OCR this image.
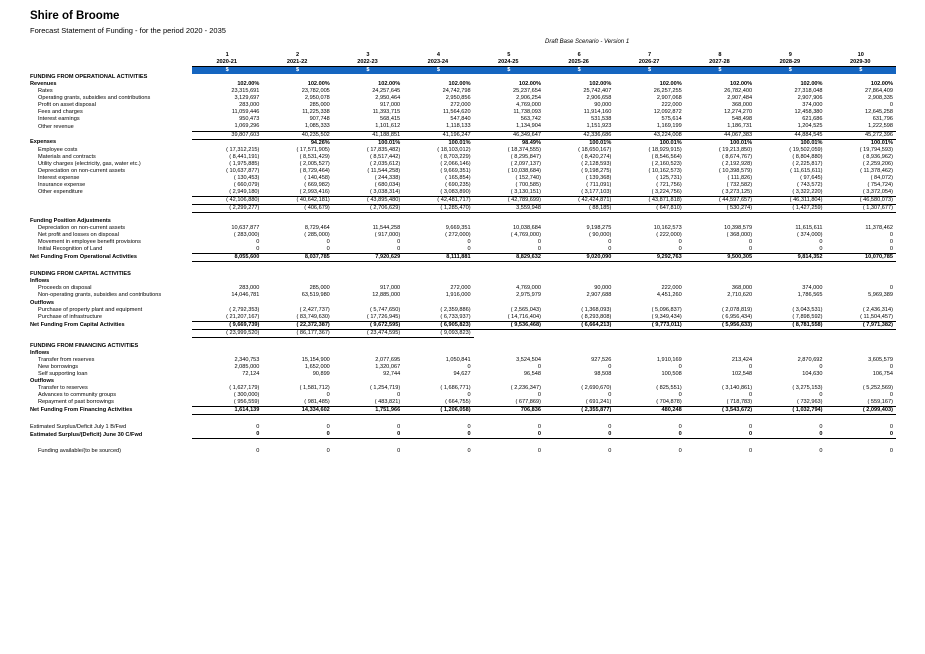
Shire of Broome
Forecast Statement of Funding - for the period 2020 - 2035
Draft Base Scenario - Version 1
	1	2	3	4	5	6	7	8	9	10
	2020-21	2021-22	2022-23	2023-24	2024-25	2025-26	2026-27	2027-28	2028-29	2029-30
	$	$	$	$	$	$	$	$	$	$
FUNDING FROM OPERATIONAL ACTIVITIES										
Revenues	102.00%	102.00%	102.00%	102.00%	102.00%	102.00%	102.00%	102.00%	102.00%	102.00%
Rates	23,315,691	23,782,005	24,257,645	24,742,798	25,237,654	25,742,407	26,257,255	26,782,400	27,318,048	27,864,409
Operating grants, subsidies and contributions	3,129,697	2,950,078	2,950,464	2,950,856	2,906,254	2,906,658	2,907,068	2,907,484	2,907,906	2,908,335
Profit on asset disposal	283,000	285,000	917,000	272,000	4,769,000	90,000	222,000	368,000	374,000	0
Fees and charges	11,059,446	11,225,338	11,393,715	11,564,620	11,738,093	11,914,160	12,092,872	12,274,270	12,458,380	12,645,258
Interest earnings	950,473	907,748	568,415	547,840	563,742	531,538	575,614	548,498	621,686	631,796
Other revenue	1,069,296	1,085,333	1,101,612	1,118,133	1,134,904	1,151,923	1,169,199	1,186,731	1,204,525	1,222,598
	39,807,603	40,235,502	41,188,851	41,196,247	46,349,647	42,336,686	43,224,008	44,067,383	44,884,545	45,272,396
Expenses		94.26%	100.01%	100.01%	98.49%	100.01%	100.01%	100.01%	100.01%	100.01%
Employee costs	( 17,312,215)	( 17,571,905)	( 17,835,482)	( 18,103,012)	( 18,374,555)	( 18,650,167)	( 18,929,915)	( 19,213,850)	( 19,502,059)	( 19,794,593)
Materials and contracts	( 8,441,191)	( 8,531,429)	( 8,517,442)	( 8,703,229)	( 8,295,847)	( 8,420,274)	( 8,546,564)	( 8,674,767)	( 8,804,880)	( 8,936,962)
Utility charges (electricity, gas, water etc.)	( 1,975,885)	( 2,005,527)	( 2,035,612)	( 2,066,146)	( 2,097,137)	( 2,128,593)	( 2,160,523)	( 2,192,928)	( 2,225,817)	( 2,259,206)
Depreciation on non-current assets	( 10,637,877)	( 8,729,464)	( 11,544,258)	( 9,669,351)	( 10,038,684)	( 9,198,275)	( 10,162,573)	( 10,398,579)	( 11,615,611)	( 11,378,462)
Interest expense	( 130,453)	( 140,458)	( 244,338)	( 165,854)	( 152,740)	( 139,368)	( 125,731)	( 111,826)	( 97,645)	( 84,072)
Insurance expense	( 660,079)	( 669,982)	( 680,034)	( 690,235)	( 700,585)	( 711,091)	( 721,756)	( 732,582)	( 743,572)	( 754,724)
Other expenditure	( 2,949,180)	( 2,993,416)	( 3,038,314)	( 3,083,890)	( 3,130,151)	( 3,177,103)	( 3,224,756)	( 3,273,125)	( 3,322,220)	( 3,372,054)
	( 42,106,880)	( 40,642,181)	( 43,895,480)	( 42,481,717)	( 42,789,699)	( 42,424,871)	( 43,871,818)	( 44,597,657)	( 46,311,804)	( 46,580,073)
	( 2,299,277)	( 406,679)	( 2,706,629)	( 1,285,470)	3,559,948	( 88,185)	( 647,810)	( 530,274)	( 1,427,259)	( 1,307,677)

Funding Position Adjustments										
Depreciation on non-current assets	10,637,877	8,729,464	11,544,258	9,669,351	10,038,684	9,198,275	10,162,573	10,398,579	11,615,611	11,378,462
Net profit and losses on disposal	( 283,000)	( 285,000)	( 917,000)	( 272,000)	( 4,769,000)	( 90,000)	( 222,000)	( 368,000)	( 374,000)	0
Movement in employee benefit provisions	0	0	0	0	0	0	0	0	0	0
Initial Recognition of Land	0	0	0	0	0	0	0	0	0	0
Net Funding From Operational Activities	8,055,600	8,037,785	7,920,629	8,111,881	8,829,632	9,020,090	9,292,763	9,500,305	9,814,352	10,070,785

FUNDING FROM CAPITAL ACTIVITIES										
Inflows										
Proceeds on disposal	283,000	285,000	917,000	272,000	4,769,000	90,000	222,000	368,000	374,000	0
Non-operating grants, subsidies and contributions	14,046,781	63,519,980	12,885,000	1,916,000	2,975,979	2,907,688	4,451,260	2,710,620	1,786,565	5,969,389
Outflows										
Purchase of property plant and equipment	( 2,792,353)	( 2,427,737)	( 5,747,650)	( 2,359,886)	( 2,565,043)	( 1,368,093)	( 5,096,837)	( 2,078,819)	( 3,043,531)	( 2,436,314)
Purchase of infrastructure	( 21,207,167)	( 83,749,630)	( 17,726,945)	( 6,733,937)	( 14,716,404)	( 8,293,808)	( 9,349,434)	( 6,956,434)	( 7,898,592)	( 11,504,457)
Net Funding From Capital Activities	( 9,669,739)	( 22,372,387)	( 9,672,595)	( 6,905,823)	( 9,536,468)	( 6,664,213)	( 9,773,011)	( 5,956,633)	( 8,781,558)	( 7,971,382)
	( 23,999,520)	( 86,177,367)	( 23,474,595)	( 9,093,823)						

FUNDING FROM FINANCING ACTIVITIES										
Inflows										
Transfer from reserves	2,340,753	15,154,900	2,077,695	1,050,841	3,524,504	927,526	1,910,169	213,424	2,870,692	3,605,579
New borrowings	2,085,000	1,652,000	1,320,067	0	0	0	0	0	0	0
Self supporting loan	72,124	90,899	92,744	94,627	96,548	98,508	100,508	102,548	104,630	106,754
Outflows										
Transfer to reserves	( 1,627,179)	( 1,581,712)	( 1,254,719)	( 1,686,771)	( 2,236,347)	( 2,690,670)	( 825,551)	( 3,140,861)	( 3,275,153)	( 5,252,569)
Advances to community groups	( 300,000)	0	0	0	0	0	0	0	0	0
Repayment of past borrowings	( 956,559)	( 981,485)	( 483,821)	( 664,755)	( 677,869)	( 691,241)	( 704,878)	( 718,783)	( 732,963)	( 559,167)
Net Funding From Financing Activities	1,614,139	14,334,602	1,751,966	( 1,206,058)	706,836	( 2,355,877)	480,248	( 3,543,672)	( 1,032,794)	( 2,099,403)

Estimated Surplus/Deficit July 1 B/Fwd	0	0	0	0	0	0	0	0	0	0
Estimated Surplus/(Deficit) June 30 C/Fwd	0	0	0	0	0	0	0	0	0	0

Funding available/(to be sourced)	0	0	0	0	0	0	0	0	0	0
